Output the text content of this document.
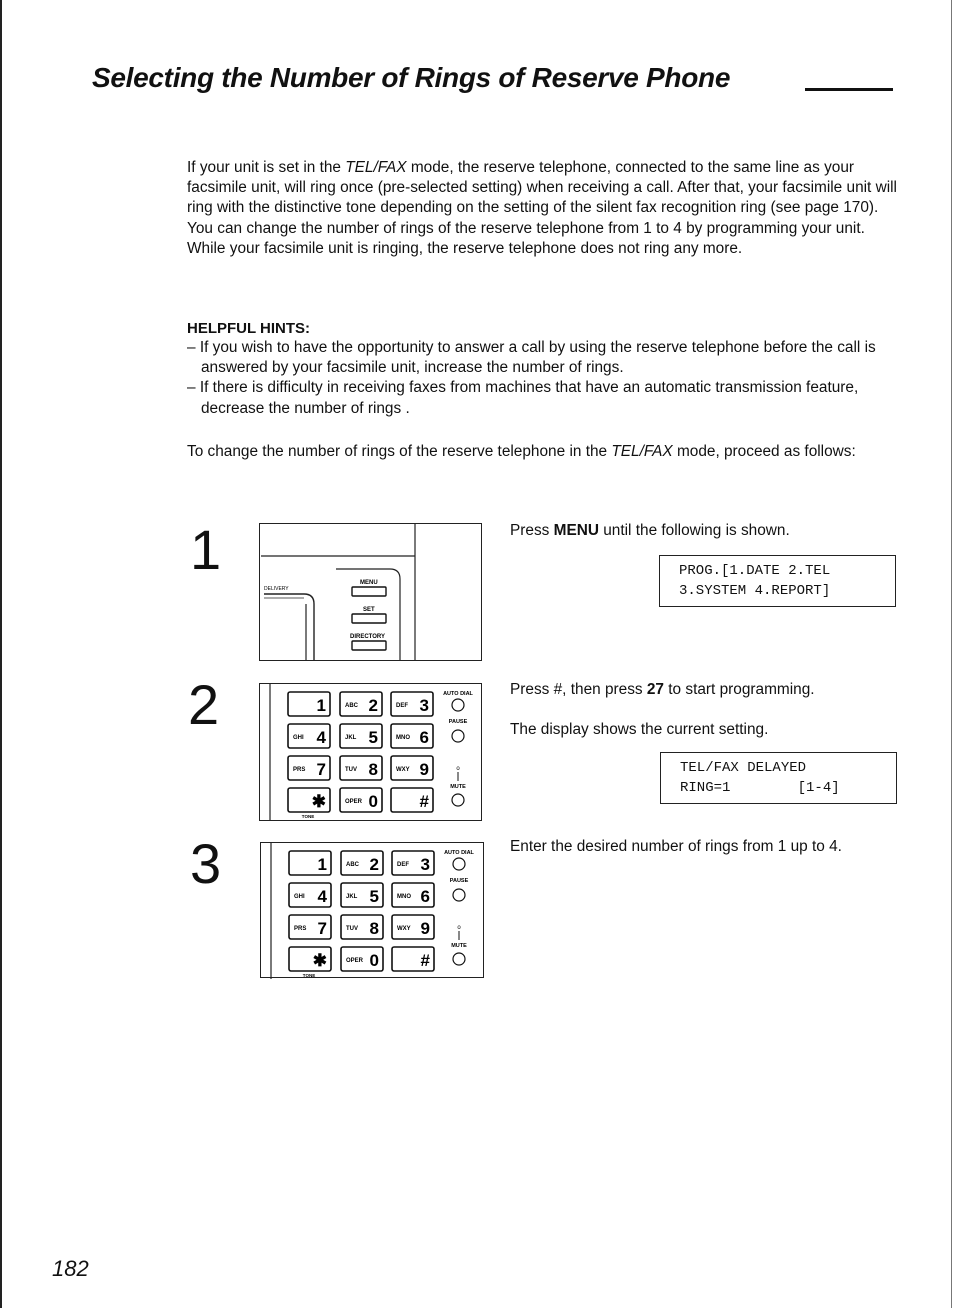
Selecting the Number of Rings of Reserve Phone

If your unit is set in the TEL/FAX mode, the reserve telephone, connected to the same line as your facsimile unit, will ring once (pre-selected setting) when receiving a call. After that, your facsimile unit will ring with the distinctive tone depending on the setting of the silent fax recognition ring (see page 170). You can change the number of rings of the reserve telephone from 1 to 4 by programming your unit. While your facsimile unit is ringing, the reserve telephone does not ring any more.

HELPFUL HINTS:
– If you wish to have the opportunity to answer a call by using the reserve telephone before the call is answered by your facsimile unit, increase the number of rings.
– If there is difficulty in receiving faxes from machines that have an automatic transmission feature, decrease the number of rings .

To change the number of rings of the reserve telephone in the TEL/FAX mode, proceed as follows:

1
DELIVERY
MENU
SET
DIRECTORY
Press MENU until the following is shown.
PROG.[1.DATE 2.TEL
3.SYSTEM 4.REPORT]
2	1	ABC 2	DEF 3
GHI 4	JKL 5	MNO 6
PRS 7	TUV 8	WXY 9
✱	OPER 0 #
AUTO DIAL
PAUSE
o
MUTE
TONE
Press #, then press 27 to start programming.
The display shows the current setting.
TEL/FAX DELAYED
RING=1        [1-4]
3	1	ABC 2	DEF 3
GHI 4	JKL 5	MNO 6
PRS 7	TUV 8	WXY 9
✱	OPER 0 #
AUTO DIAL
PAUSE
o
MUTE
TONE
Enter the desired number of rings from 1 up to 4.
182
